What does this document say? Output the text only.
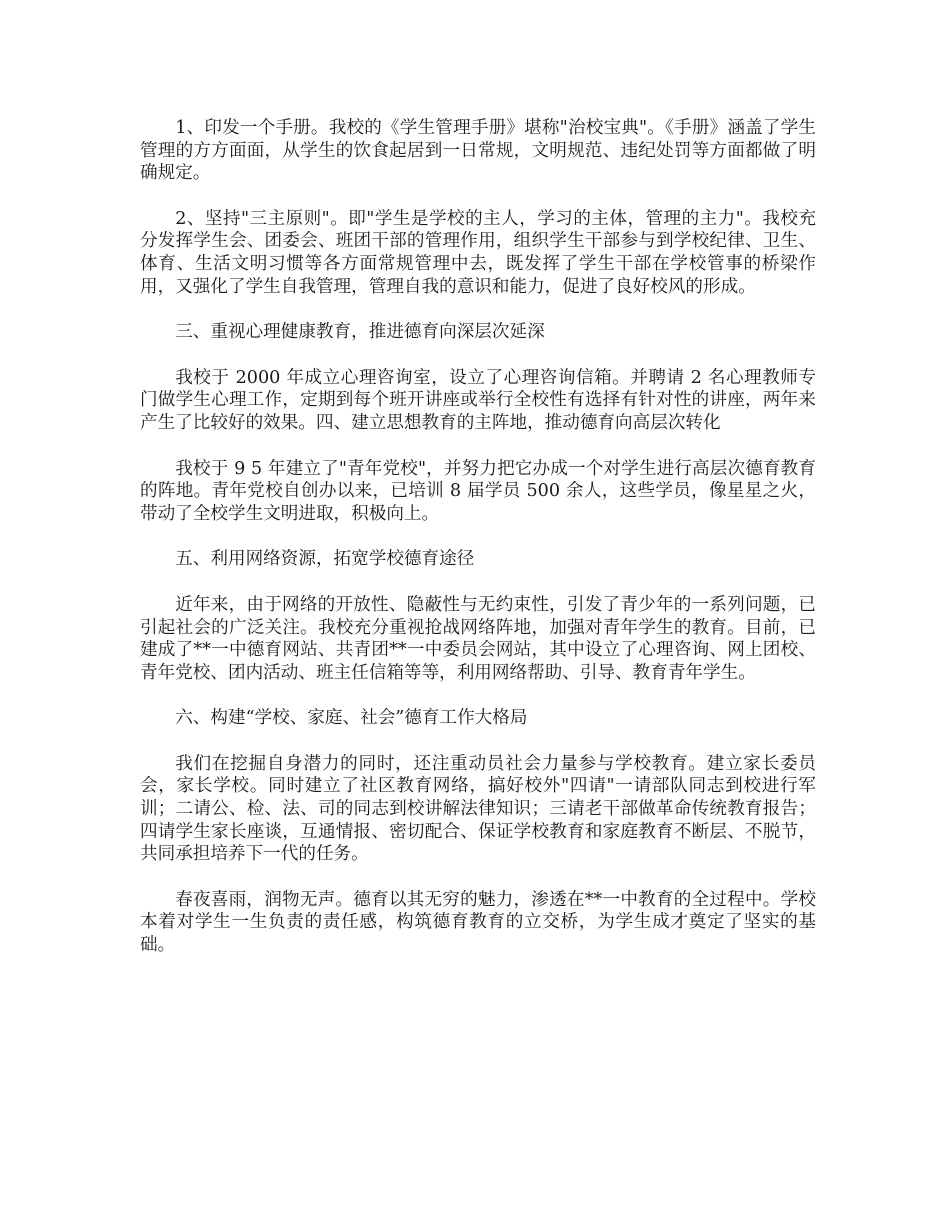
1、印发一个手册。我校的《学生管理手册》堪称"治校宝典"。《手册》涵盖了学生管理的方方面面，从学生的饮食起居到一日常规，文明规范、违纪处罚等方面都做了明确规定。

2、坚持"三主原则"。即"学生是学校的主人，学习的主体，管理的主力"。我校充分发挥学生会、团委会、班团干部的管理作用，组织学生干部参与到学校纪律、卫生、体育、生活文明习惯等各方面常规管理中去，既发挥了学生干部在学校管事的桥梁作用，又强化了学生自我管理，管理自我的意识和能力，促进了良好校风的形成。

三、重视心理健康教育，推进德育向深层次延深

我校于 2000 年成立心理咨询室，设立了心理咨询信箱。并聘请 2 名心理教师专门做学生心理工作，定期到每个班开讲座或举行全校性有选择有针对性的讲座，两年来产生了比较好的效果。四、建立思想教育的主阵地，推动德育向高层次转化

我校于 9 5 年建立了"青年党校"，并努力把它办成一个对学生进行高层次德育教育的阵地。青年党校自创办以来，已培训 8 届学员 500 余人，这些学员，像星星之火，带动了全校学生文明进取，积极向上。

五、利用网络资源，拓宽学校德育途径

近年来，由于网络的开放性、隐蔽性与无约束性，引发了青少年的一系列问题，已引起社会的广泛关注。我校充分重视抢战网络阵地，加强对青年学生的教育。目前，已建成了**一中德育网站、共青团**一中委员会网站，其中设立了心理咨询、网上团校、青年党校、团内活动、班主任信箱等等，利用网络帮助、引导、教育青年学生。

六、构建“学校、家庭、社会”德育工作大格局

我们在挖掘自身潜力的同时，还注重动员社会力量参与学校教育。建立家长委员会，家长学校。同时建立了社区教育网络，搞好校外"四请"一请部队同志到校进行军训；二请公、检、法、司的同志到校讲解法律知识；三请老干部做革命传统教育报告；四请学生家长座谈，互通情报、密切配合、保证学校教育和家庭教育不断层、不脱节，共同承担培养下一代的任务。

春夜喜雨，润物无声。德育以其无穷的魅力，渗透在**一中教育的全过程中。学校本着对学生一生负责的责任感，构筑德育教育的立交桥，为学生成才奠定了坚实的基础。
